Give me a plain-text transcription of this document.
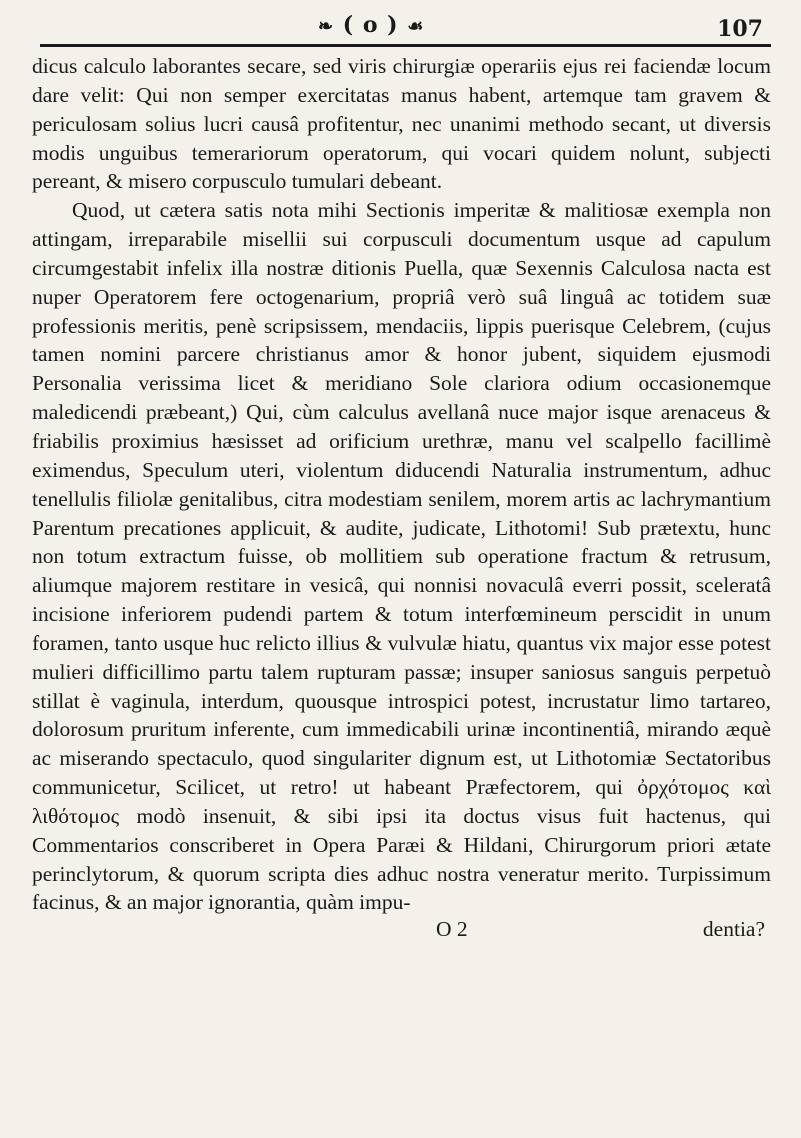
❧ ( o ) ☙	107

dicus calculo laborantes secare, sed viris chirurgiæ operariis ejus rei faciendæ locum dare velit: Qui non semper exercitatas manus habent, artemque tam gravem & periculosam solius lucri causâ profitentur, nec unanimi methodo secant, ut diversis modis unguibus temerariorum operatorum, qui vocari quidem nolunt, subjecti pereant, & misero corpusculo tumulari debeant.

Quod, ut cætera satis nota mihi Sectionis imperitæ & malitiosæ exempla non attingam, irreparabile misellii sui corpusculi documentum usque ad capulum circumgestabit infelix illa nostræ ditionis Puella, quæ Sexennis Calculosa nacta est nuper Operatorem fere octogenarium, propriâ verò suâ linguâ ac totidem suæ professionis meritis, penè scripsissem, mendaciis, lippis puerisque Celebrem, (cujus tamen nomini parcere christianus amor & honor jubent, siquidem ejusmodi Personalia verissima licet & meridiano Sole clariora odium occasionemque maledicendi præbeant,) Qui, cùm calculus avellanâ nuce major isque arenaceus & friabilis proximius hæsisset ad orificium urethræ, manu vel scalpello facillimè eximendus, Speculum uteri, violentum diducendi Naturalia instrumentum, adhuc tenellulis filiolæ genitalibus, citra modestiam senilem, morem artis ac lachrymantium Parentum precationes applicuit, & audite, judicate, Lithotomi! Sub prætextu, hunc non totum extractum fuisse, ob mollitiem sub operatione fractum & retrusum, aliumque majorem restitare in vesicâ, qui nonnisi novaculâ everri possit, sceleratâ incisione inferiorem pudendi partem & totum interfœmineum perscidit in unum foramen, tanto usque huc relicto illius & vulvulæ hiatu, quantus vix major esse potest mulieri difficillimo partu talem rupturam passæ; insuper saniosus sanguis perpetuò stillat è vaginula, interdum, quousque introspici potest, incrustatur limo tartareo, dolorosum pruritum inferente, cum immedicabili urinæ incontinentiâ, mirando æquè ac miserando spectaculo, quod singulariter dignum est, ut Lithotomiæ Sectatoribus communicetur, Scilicet, ut retro! ut habeant Præfectorem, qui ὀρχότομος καὶ λιθότομος modò insenuit, & sibi ipsi ita doctus visus fuit hactenus, qui Commentarios conscriberet in Opera Paræi & Hildani, Chirurgorum priori ætate perinclytorum, & quorum scripta dies adhuc nostra veneratur merito. Turpissimum facinus, & an major ignorantia, quàm impu-

O 2	dentia?
